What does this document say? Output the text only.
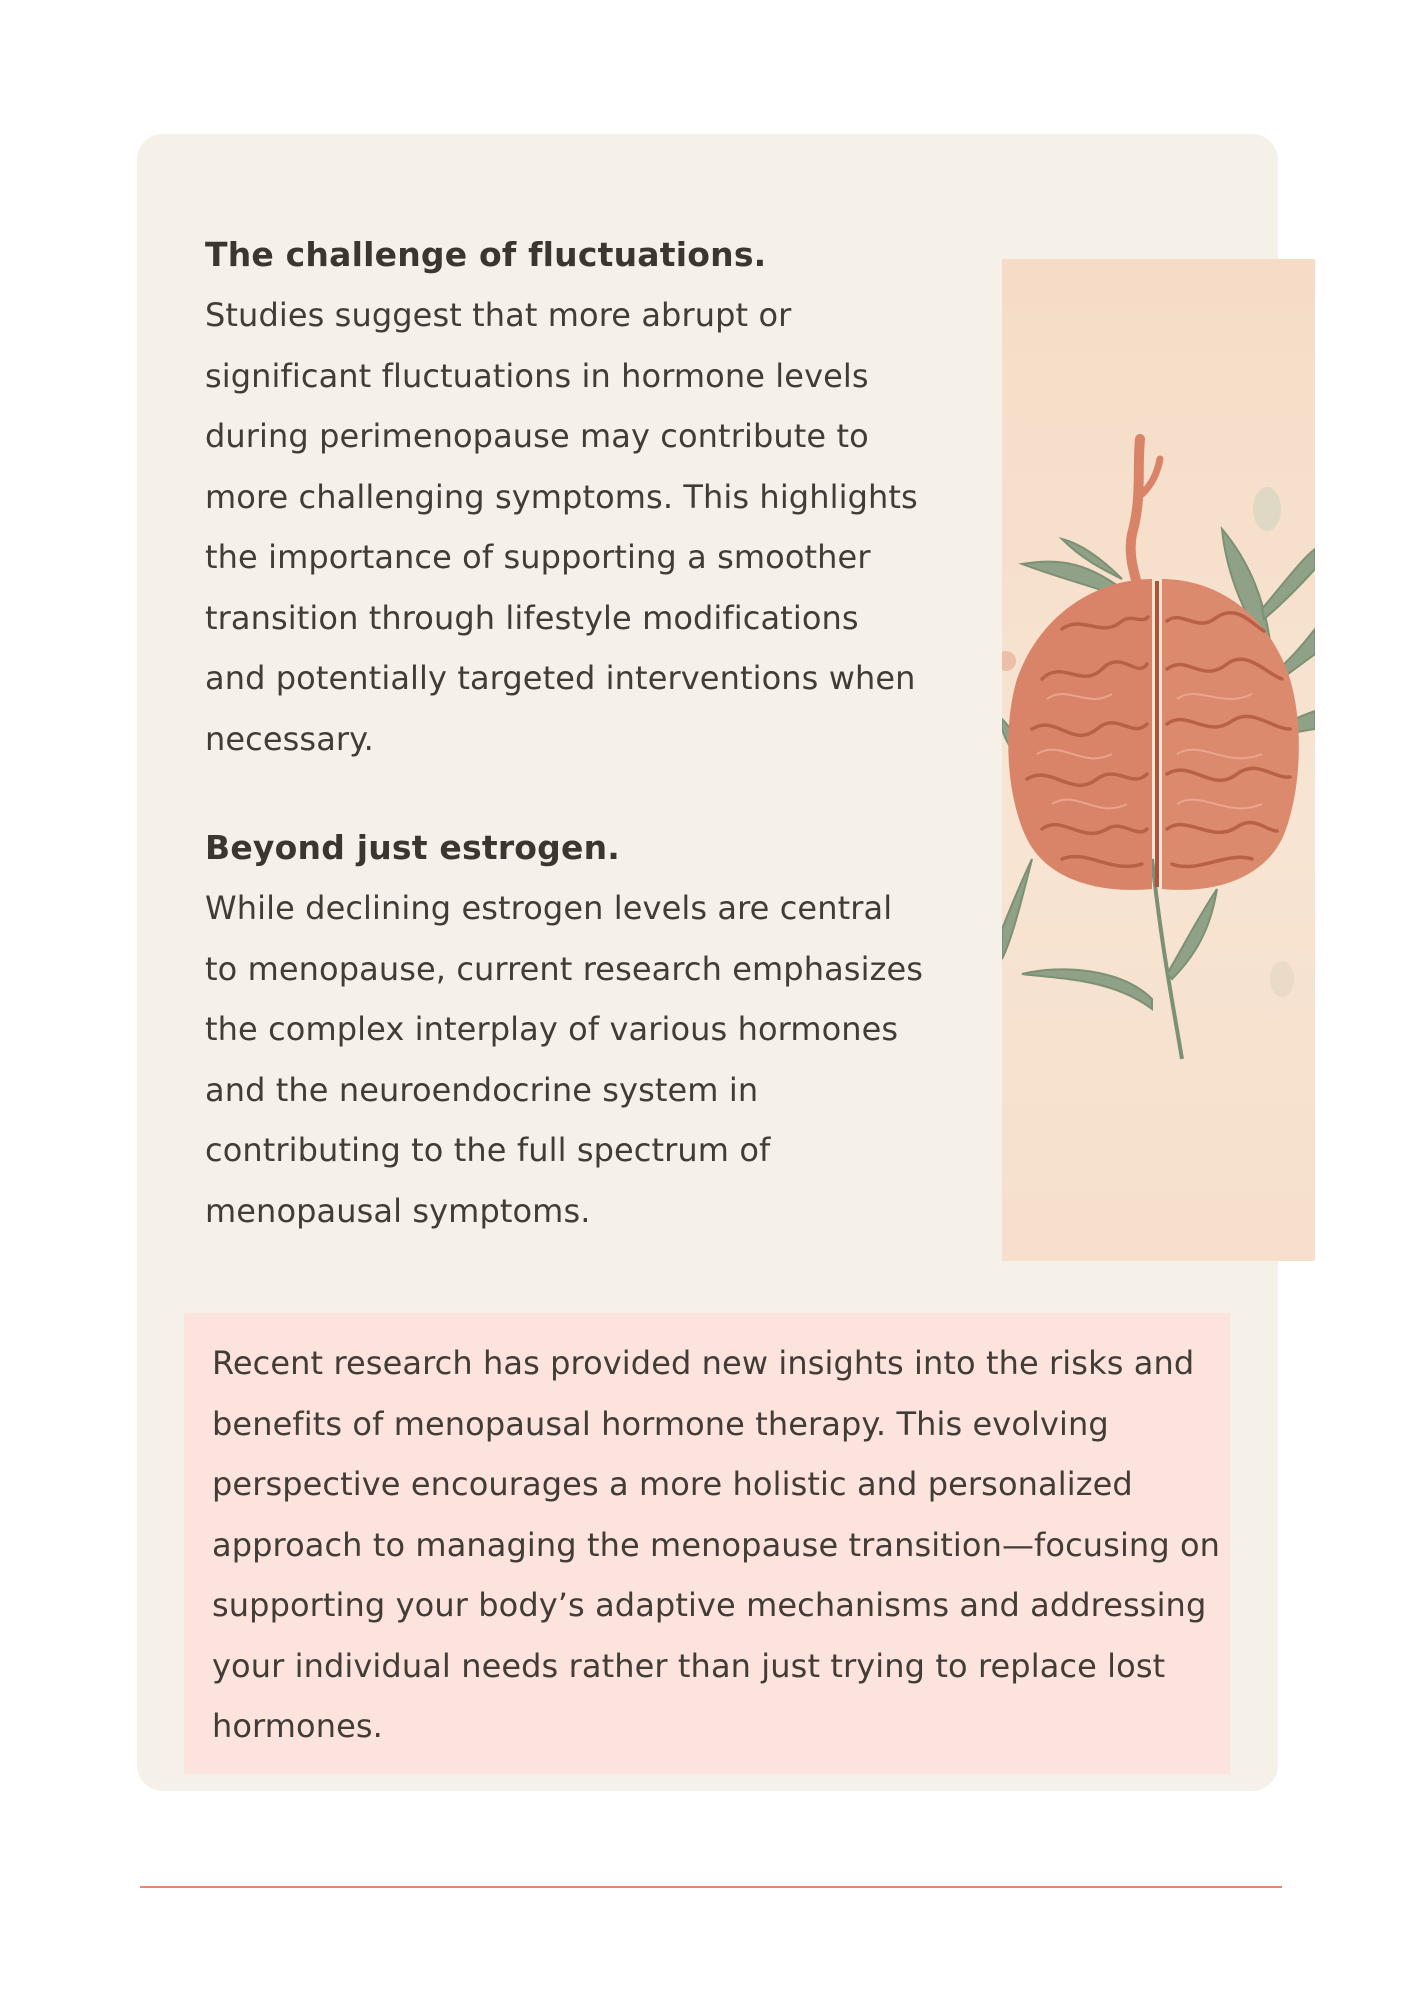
The challenge of fluctuations.

Studies suggest that more abrupt or significant fluctuations in hormone levels during perimenopause may contribute to more challenging symptoms. This highlights the importance of supporting a smoother transition through lifestyle modifications and potentially targeted interventions when necessary.

Beyond just estrogen.

While declining estrogen levels are central to menopause, current research emphasizes the complex interplay of various hormones and the neuroendocrine system in contributing to the full spectrum of menopausal symptoms.

Recent research has provided new insights into the risks and benefits of menopausal hormone therapy. This evolving perspective encourages a more holistic and personalized approach to managing the menopause transition—focusing on supporting your body’s adaptive mechanisms and addressing your individual needs rather than just trying to replace lost hormones.
